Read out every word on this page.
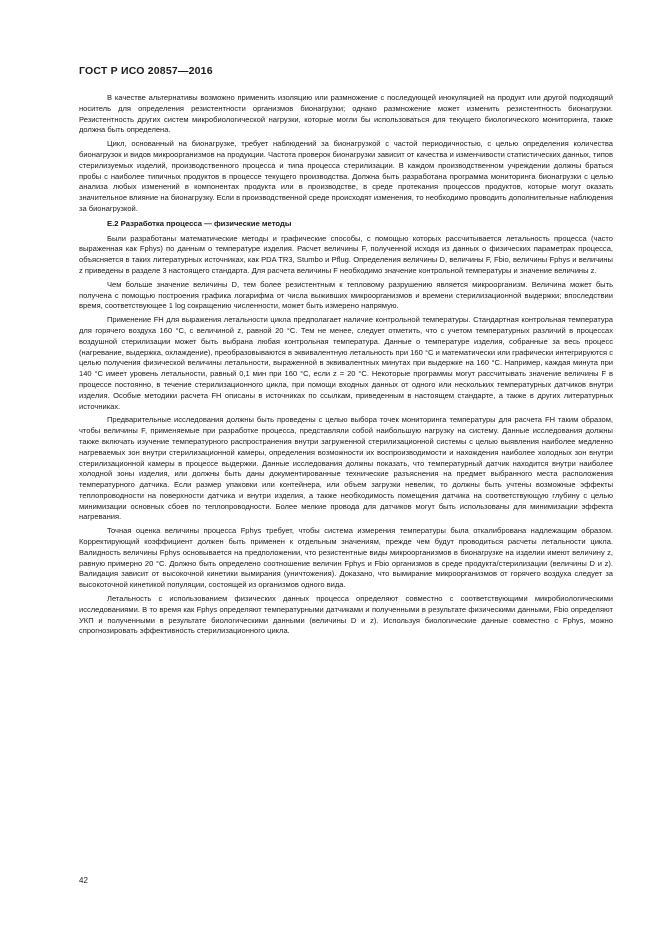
ГОСТ Р ИСО 20857—2016

В качестве альтернативы возможно применить изоляцию или размножение с последующей инокуляцией на продукт или другой подходящий носитель для определения резистентности организмов бионагрузки; однако размножение может изменить резистентность бионагрузки. Резистентность других систем микробиологической нагрузки, которые могли бы использоваться для текущего биологического мониторинга, также должна быть определена.

Цикл, основанный на бионагрузке, требует наблюдений за бионагрузкой с частой периодичностью, с целью определения количества бионагрузок и видов микроорганизмов на продукции. Частота проверок бионагрузки зависит от качества и изменчивости статистических данных, типов стерилизуемых изделий, производственного процесса и типа процесса стерилизации. В каждом производственном учреждении должны браться пробы с наиболее типичных продуктов в процессе текущего производства. Должна быть разработана программа мониторинга бионагрузки с целью анализа любых изменений в компонентах продукта или в производстве, в среде протекания процессов продуктов, которые могут оказать значительное влияние на бионагрузку. Если в производственной среде происходят изменения, то необходимо проводить дополнительные наблюдения за бионагрузкой.

Е.2 Разработка процесса — физические методы

Были разработаны математические методы и графические способы, с помощью которых рассчитывается летальность процесса (часто выраженная как Fphys) по данным о температуре изделия. Расчет величины F, полученной исходя из данных о физических параметрах процесса, объясняется в таких литературных источниках, как PDA TR3, Stumbo и Pflug. Определения величины D, величины F, Fbio, величины Fphys и величины z приведены в разделе 3 настоящего стандарта. Для расчета величины F необходимо значение контрольной температуры и значение величины z.

Чем больше значение величины D, тем более резистентным к тепловому разрушению является микроорганизм. Величина может быть получена с помощью построения графика логарифма от числа выживших микроорганизмов и времени стерилизационной выдержки; впоследствии время, соответствующее 1 log сокращению численности, может быть измерено напрямую.

Применение FH для выражения летальности цикла предполагает наличие контрольной температуры. Стандартная контрольная температура для горячего воздуха 160 °С, с величиной z, равной 20 °С. Тем не менее, следует отметить, что с учетом температурных различий в процессах воздушной стерилизации может быть выбрана любая контрольная температура. Данные о температуре изделия, собранные за весь процесс (нагревание, выдержка, охлаждение), преобразовываются в эквивалентную летальность при 160 °С и математически или графически интегрируются с целью получения физической величины летальности, выраженной в эквивалентных минутах при выдержке на 160 °С. Например, каждая минута при 140 °С имеет уровень летальности, равный 0,1 мин при 160 °С, если z = 20 °С. Некоторые программы могут рассчитывать значение величины F в процессе постоянно, в течение стерилизационного цикла, при помощи входных данных от одного или нескольких температурных датчиков внутри изделия. Особые методики расчета FH описаны в источниках по ссылкам, приведенным в настоящем стандарте, а также в других литературных источниках.

Предварительные исследования должны быть проведены с целью выбора точек мониторинга температуры для расчета FH таким образом, чтобы величины F, применяемые при разработке процесса, представляли собой наибольшую нагрузку на систему. Данные исследования должны также включать изучение температурного распространения внутри загруженной стерилизационной системы с целью выявления наиболее медленно нагреваемых зон внутри стерилизационной камеры, определения возможности их воспроизводимости и нахождения наиболее холодных зон внутри стерилизационной камеры в процессе выдержки. Данные исследования должны показать, что температурный датчик находится внутри наиболее холодной зоны изделия, или должны быть даны документированные технические разъяснения на предмет выбранного места расположения температурного датчика. Если размер упаковки или контейнера, или объем загрузки невелик, то должны быть учтены возможные эффекты теплопроводности на поверхности датчика и внутри изделия, а также необходимость помещения датчика на соответствующую глубину с целью минимизации основных сбоев по теплопроводности. Более мелкие провода для датчиков могут быть использованы для минимизации эффекта нагревания.

Точная оценка величины процесса Fphys требует, чтобы система измерения температуры была откалибрована надлежащим образом. Корректирующий коэффициент должен быть применен к отдельным значениям, прежде чем будут проводиться расчеты летальности цикла. Валидность величины Fphys основывается на предположении, что резистентные виды микроорганизмов в бионагрузке на изделии имеют величину z, равную примерно 20 °С. Должно быть определено соотношение величин Fphys и Fbio организмов в среде продукта/стерилизации (величины D и z). Валидация зависит от высокочной кинетики вымирания (уничтожения). Доказано, что вымирание микроорганизмов от горячего воздуха следует за высокоточной кинетикой популяции, состоящей из организмов одного вида.

Летальность с использованием физических данных процесса определяют совместно с соответствующими микробиологическими исследованиями. В то время как Fphys определяют температурными датчиками и полученными в результате физическими данными, Fbio определяют УКП и полученными в результате биологическими данными (величины D и z). Используя биологические данные совместно с Fphys, можно спрогнозировать эффективность стерилизационного цикла.

42
